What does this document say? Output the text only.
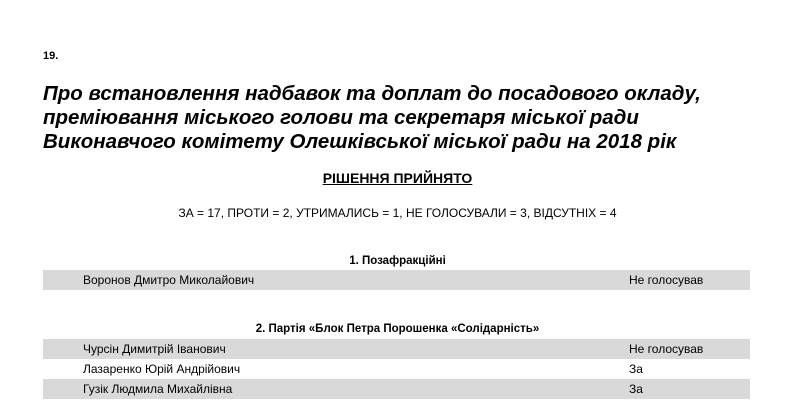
19.
Про встановлення надбавок та доплат до посадового окладу,
преміювання міського голови та секретаря міської ради
Виконавчого комітету Олешківської міської ради на 2018 рік
РІШЕННЯ ПРИЙНЯТО
ЗА = 17, ПРОТИ = 2, УТРИМАЛИСЬ = 1, НЕ ГОЛОСУВАЛИ = 3, ВІДСУТНІХ = 4
1. Позафракційні
Воронов Дмитро Миколайович	Не голосував
2. Партія «Блок Петра Порошенка «Солідарність»
Чурсін Димитрій Іванович	Не голосував
Лазаренко Юрій Андрійович	За
Гузік Людмила Михайлівна	За
